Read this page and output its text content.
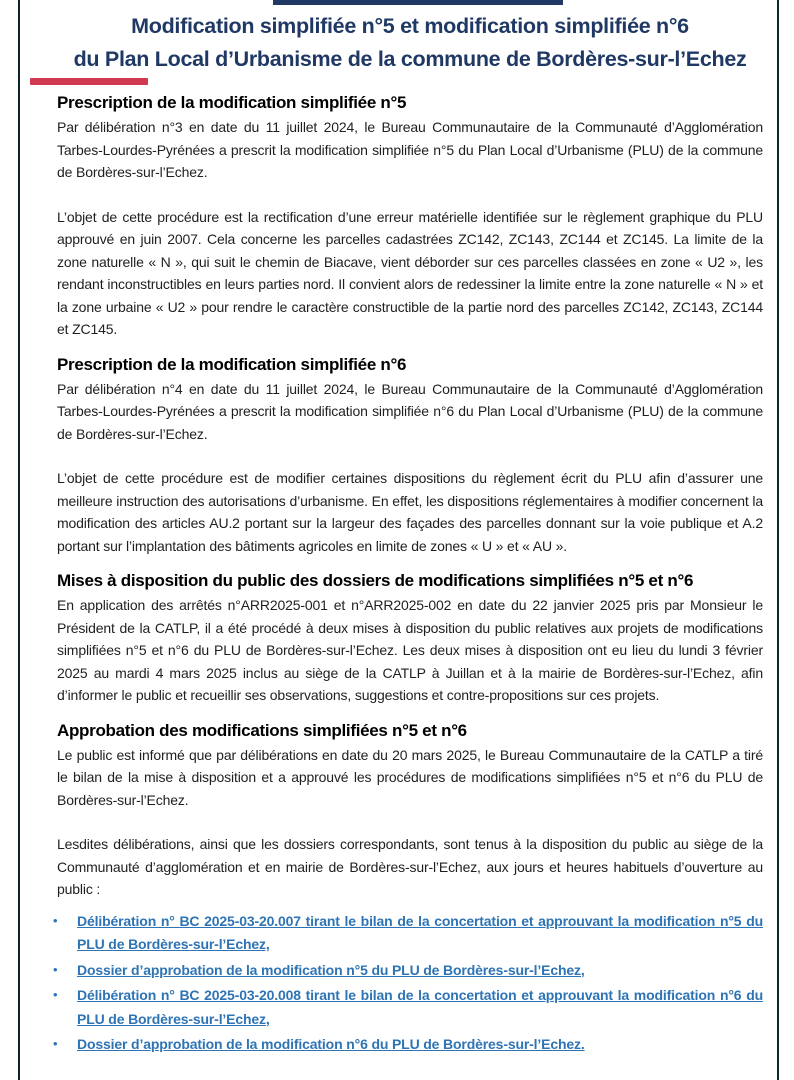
Modification simplifiée n°5 et modification simplifiée n°6
du Plan Local d’Urbanisme de la commune de Bordères-sur-l’Echez
Prescription de la modification simplifiée n°5

Par délibération n°3 en date du 11 juillet 2024, le Bureau Communautaire de la Communauté d’Agglomération Tarbes-Lourdes-Pyrénées a prescrit la modification simplifiée n°5 du Plan Local d’Urbanisme (PLU) de la commune de Bordères-sur-l’Echez.

L’objet de cette procédure est la rectification d’une erreur matérielle identifiée sur le règlement graphique du PLU approuvé en juin 2007. Cela concerne les parcelles cadastrées ZC142, ZC143, ZC144 et ZC145. La limite de la zone naturelle « N », qui suit le chemin de Biacave, vient déborder sur ces parcelles classées en zone « U2 », les rendant inconstructibles en leurs parties nord. Il convient alors de redessiner la limite entre la zone naturelle « N » et la zone urbaine « U2 » pour rendre le caractère constructible de la partie nord des parcelles ZC142, ZC143, ZC144 et ZC145.

Prescription de la modification simplifiée n°6

Par délibération n°4 en date du 11 juillet 2024, le Bureau Communautaire de la Communauté d’Agglomération Tarbes-Lourdes-Pyrénées a prescrit la modification simplifiée n°6 du Plan Local d’Urbanisme (PLU) de la commune de Bordères-sur-l’Echez.

L’objet de cette procédure est de modifier certaines dispositions du règlement écrit du PLU afin d’assurer une meilleure instruction des autorisations d’urbanisme. En effet, les dispositions réglementaires à modifier concernent la modification des articles AU.2 portant sur la largeur des façades des parcelles donnant sur la voie publique et A.2 portant sur l’implantation des bâtiments agricoles en limite de zones « U » et « AU ».

Mises à disposition du public des dossiers de modifications simplifiées n°5 et n°6

En application des arrêtés n°ARR2025-001 et n°ARR2025-002 en date du 22 janvier 2025 pris par Monsieur le Président de la CATLP, il a été procédé à deux mises à disposition du public relatives aux projets de modifications simplifiées n°5 et n°6 du PLU de Bordères-sur-l’Echez. Les deux mises à disposition ont eu lieu du lundi 3 février 2025 au mardi 4 mars 2025 inclus au siège de la CATLP à Juillan et à la mairie de Bordères-sur-l’Echez, afin d’informer le public et recueillir ses observations, suggestions et contre-propositions sur ces projets.

Approbation des modifications simplifiées n°5 et n°6

Le public est informé que par délibérations en date du 20 mars 2025, le Bureau Communautaire de la CATLP a tiré le bilan de la mise à disposition et a approuvé les procédures de modifications simplifiées n°5 et n°6 du PLU de Bordères-sur-l’Echez.

Lesdites délibérations, ainsi que les dossiers correspondants, sont tenus à la disposition du public au siège de la Communauté d’agglomération et en mairie de Bordères-sur-l’Echez, aux jours et heures habituels d’ouverture au public :

• Délibération n° BC 2025-03-20.007 tirant le bilan de la concertation et approuvant la modification n°5 du PLU de Bordères-sur-l’Echez,
• Dossier d’approbation de la modification n°5 du PLU de Bordères-sur-l’Echez,
• Délibération n° BC 2025-03-20.008 tirant le bilan de la concertation et approuvant la modification n°6 du PLU de Bordères-sur-l’Echez,
• Dossier d’approbation de la modification n°6 du PLU de Bordères-sur-l’Echez.
